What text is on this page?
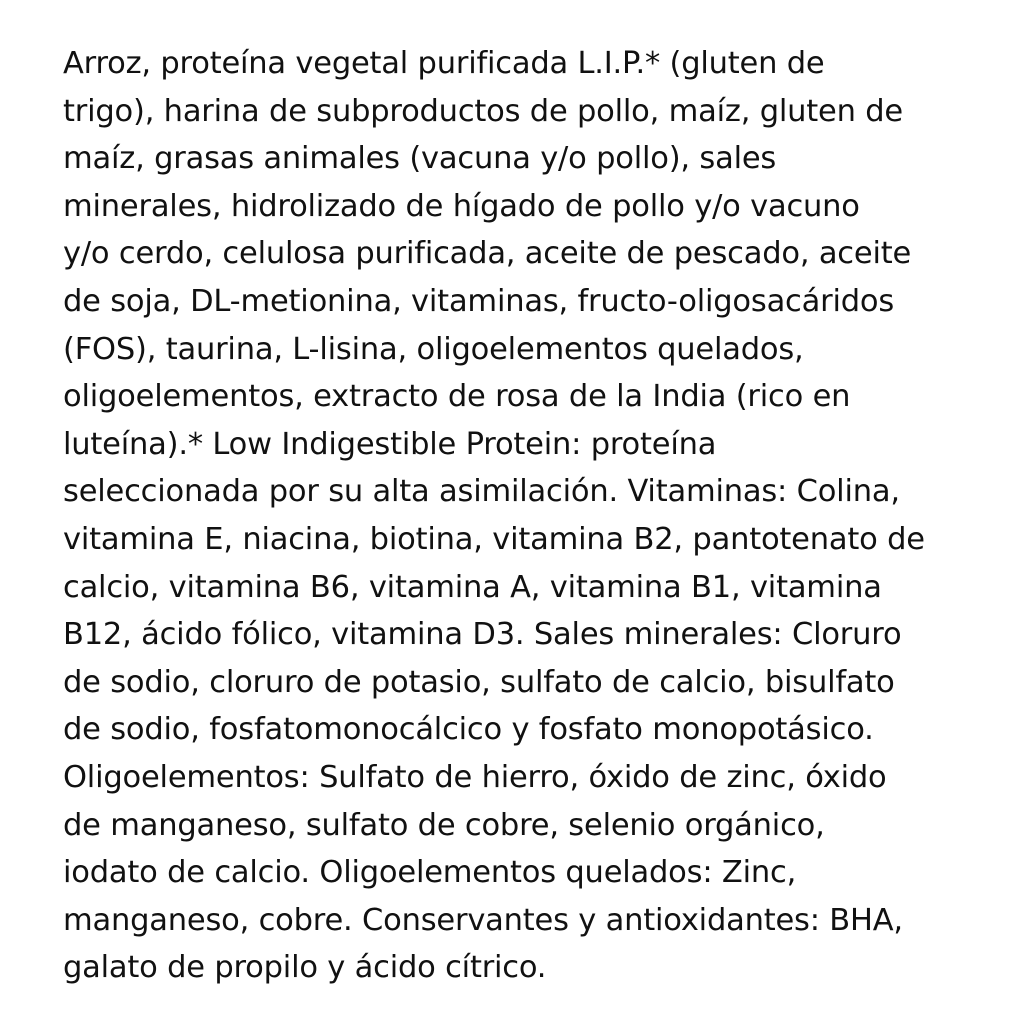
Arroz, proteína vegetal purificada L.I.P.* (gluten de
trigo), harina de subproductos de pollo, maíz, gluten de
maíz, grasas animales (vacuna y/o pollo), sales
minerales, hidrolizado de hígado de pollo y/o vacuno
y/o cerdo, celulosa purificada, aceite de pescado, aceite
de soja, DL-metionina, vitaminas, fructo-oligosacáridos
(FOS), taurina, L-lisina, oligoelementos quelados,
oligoelementos, extracto de rosa de la India (rico en
luteína).* Low Indigestible Protein: proteína
seleccionada por su alta asimilación. Vitaminas: Colina,
vitamina E, niacina, biotina, vitamina B2, pantotenato de
calcio, vitamina B6, vitamina A, vitamina B1, vitamina
B12, ácido fólico, vitamina D3. Sales minerales: Cloruro
de sodio, cloruro de potasio, sulfato de calcio, bisulfato
de sodio, fosfatomonocálcico y fosfato monopotásico.
Oligoelementos: Sulfato de hierro, óxido de zinc, óxido
de manganeso, sulfato de cobre, selenio orgánico,
iodato de calcio. Oligoelementos quelados: Zinc,
manganeso, cobre. Conservantes y antioxidantes: BHA,
galato de propilo y ácido cítrico.
